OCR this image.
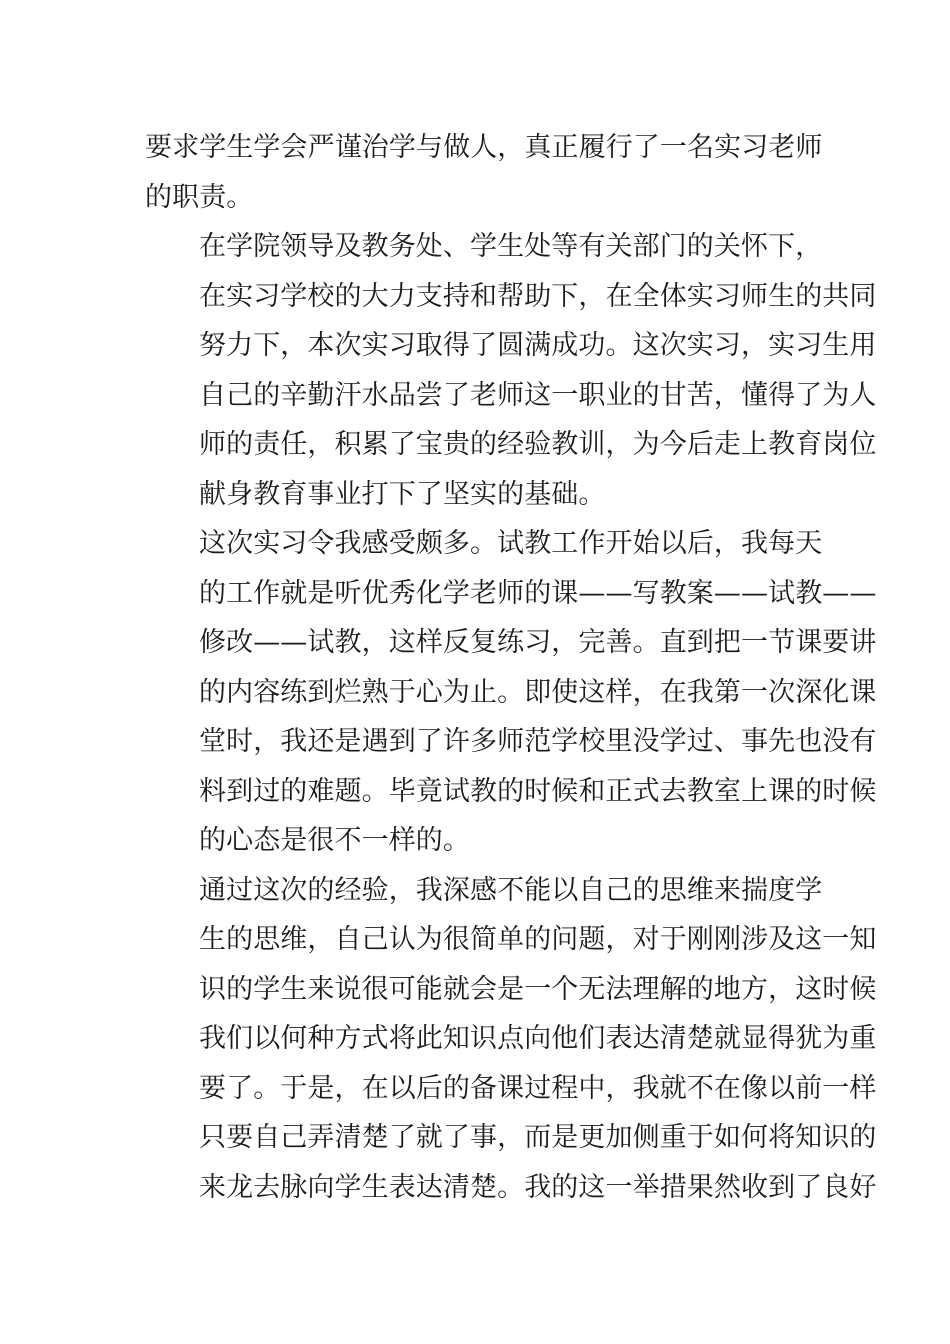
要求学生学会严谨治学与做人，真正履行了一名实习老师
的职责。

在学院领导及教务处、学生处等有关部门的关怀下，
在实习学校的大力支持和帮助下，在全体实习师生的共同
努力下，本次实习取得了圆满成功。这次实习，实习生用
自己的辛勤汗水品尝了老师这一职业的甘苦，懂得了为人
师的责任，积累了宝贵的经验教训，为今后走上教育岗位
献身教育事业打下了坚实的基础。

这次实习令我感受颇多。试教工作开始以后，我每天
的工作就是听优秀化学老师的课——写教案——试教——
修改——试教，这样反复练习，完善。直到把一节课要讲
的内容练到烂熟于心为止。即使这样，在我第一次深化课
堂时，我还是遇到了许多师范学校里没学过、事先也没有
料到过的难题。毕竟试教的时候和正式去教室上课的时候
的心态是很不一样的。

通过这次的经验，我深感不能以自己的思维来揣度学
生的思维，自己认为很简单的问题，对于刚刚涉及这一知
识的学生来说很可能就会是一个无法理解的地方，这时候
我们以何种方式将此知识点向他们表达清楚就显得犹为重
要了。于是，在以后的备课过程中，我就不在像以前一样
只要自己弄清楚了就了事，而是更加侧重于如何将知识的
来龙去脉向学生表达清楚。我的这一举措果然收到了良好
